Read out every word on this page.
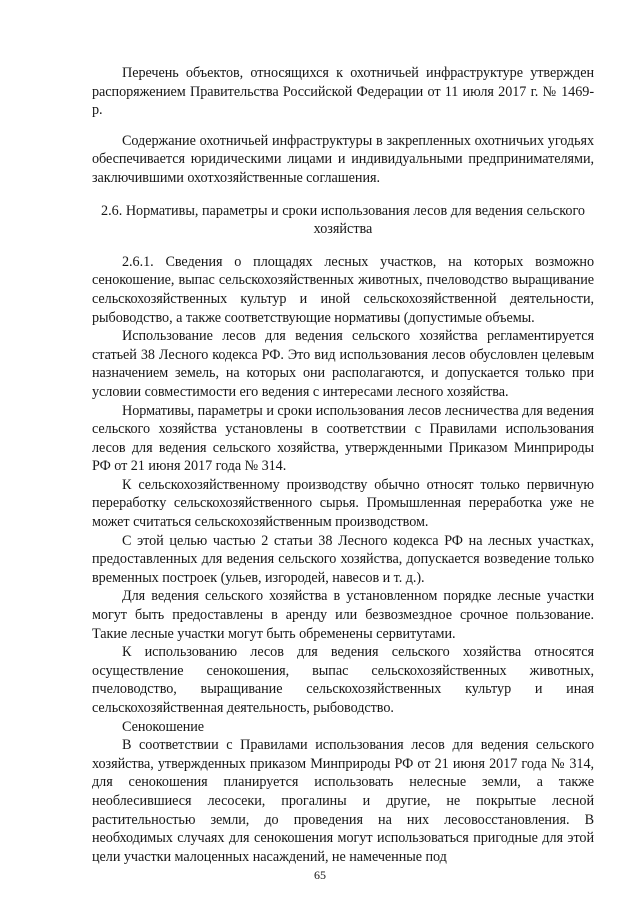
Перечень объектов, относящихся к охотничьей инфраструктуре утвержден распоряжением Правительства Российской Федерации от 11 июля 2017 г. № 1469-р.

Содержание охотничьей инфраструктуры в закрепленных охотничьих угодьях обеспечивается юридическими лицами и индивидуальными предпринимателями, заключившими охотхозяйственные соглашения.

2.6. Нормативы, параметры и сроки использования лесов для ведения сельского хозяйства

2.6.1. Сведения о площадях лесных участков, на которых возможно сенокошение, выпас сельскохозяйственных животных, пчеловодство выращивание сельскохозяйственных культур и иной сельскохозяйственной деятельности, рыбоводство, а также соответствующие нормативы (допустимые объемы.

Использование лесов для ведения сельского хозяйства регламентируется статьей 38 Лесного кодекса РФ. Это вид использования лесов обусловлен целевым назначением земель, на которых они располагаются, и допускается только при условии совместимости его ведения с интересами лесного хозяйства.

Нормативы, параметры и сроки использования лесов лесничества для ведения сельского хозяйства установлены в соответствии с Правилами использования лесов для ведения сельского хозяйства, утвержденными Приказом Минприроды РФ от 21 июня 2017 года № 314.

К сельскохозяйственному производству обычно относят только первичную переработку сельскохозяйственного сырья. Промышленная переработка уже не может считаться сельскохозяйственным производством.

С этой целью частью 2 статьи 38 Лесного кодекса РФ на лесных участках, предоставленных для ведения сельского хозяйства, допускается возведение только временных построек (ульев, изгородей, навесов и т. д.).

Для ведения сельского хозяйства в установленном порядке лесные участки могут быть предоставлены в аренду или безвозмездное срочное пользование. Такие лесные участки могут быть обременены сервитутами.

К использованию лесов для ведения сельского хозяйства относятся осуществление сенокошения, выпас сельскохозяйственных животных, пчеловодство, выращивание сельскохозяйственных культур и иная сельскохозяйственная деятельность, рыбоводство.

Сенокошение

В соответствии с Правилами использования лесов для ведения сельского хозяйства, утвержденных приказом Минприроды РФ от 21 июня 2017 года № 314, для сенокошения планируется использовать нелесные земли, а также необлесившиеся лесосеки, прогалины и другие, не покрытые лесной растительностью земли, до проведения на них лесовосстановления. В необходимых случаях для сенокошения могут использоваться пригодные для этой цели участки малоценных насаждений, не намеченные под

65
